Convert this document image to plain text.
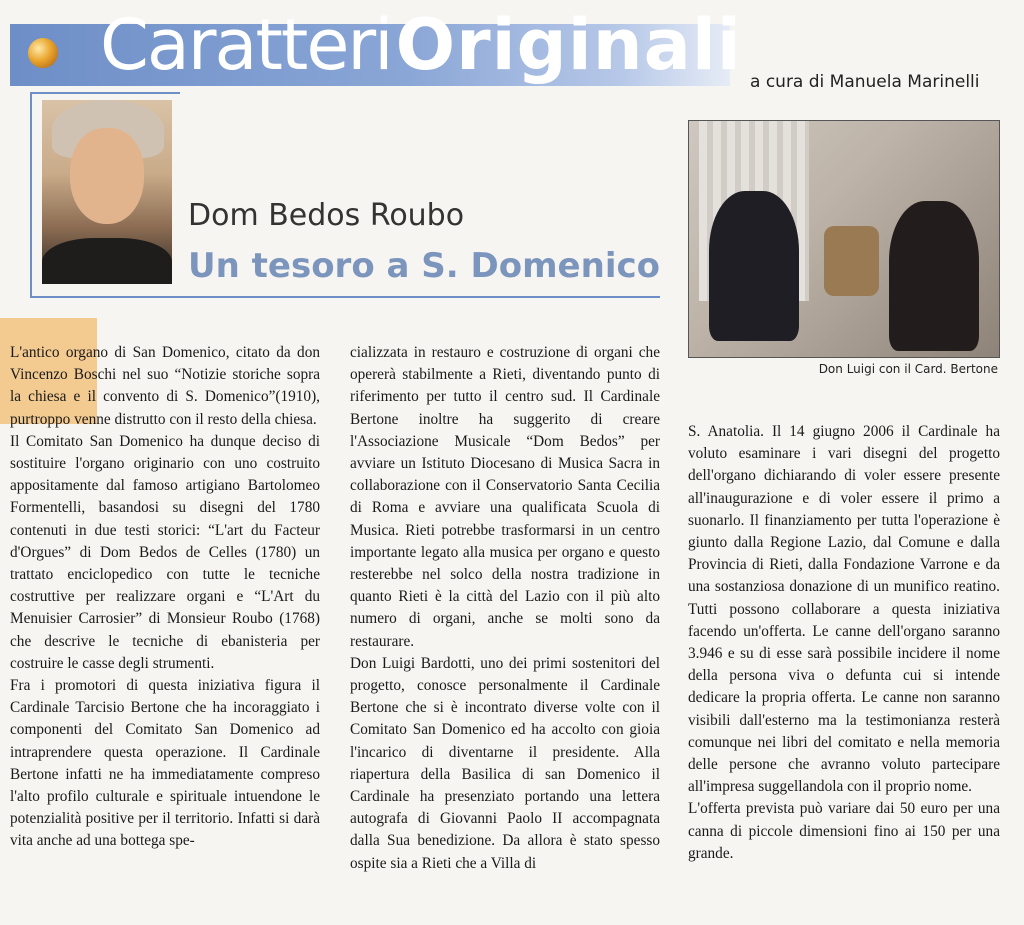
Caratteri Originali a cura di Manuela Marinelli
Dom Bedos Roubo
Un tesoro a S. Domenico
Don Luigi con il Card. Bertone

L'antico organo di San Domenico, citato da don Vincenzo Boschi nel suo “Notizie storiche sopra la chiesa e il convento di S. Domenico”(1910), purtroppo venne distrutto con il resto della chiesa.

Il Comitato San Domenico ha dunque deciso di sostituire l'organo originario con uno costruito appositamente dal famoso artigiano Bartolomeo Formentelli, basandosi su disegni del 1780 contenuti in due testi storici: “L'art du Facteur d'Orgues” di Dom Bedos de Celles (1780) un trattato enciclopedico con tutte le tecniche costruttive per realizzare organi e “L'Art du Menuisier Carrosier” di Monsieur Roubo (1768) che descrive le tecniche di ebanisteria per costruire le casse degli strumenti.

Fra i promotori di questa iniziativa figura il Cardinale Tarcisio Bertone che ha incoraggiato i componenti del Comitato San Domenico ad intraprendere questa operazione. Il Cardinale Bertone infatti ne ha immediatamente compreso l'alto profilo culturale e spirituale intuendone le potenzialità positive per il territorio. Infatti si darà vita anche ad una bottega spe-

cializzata in restauro e costruzione di organi che opererà stabilmente a Rieti, diventando punto di riferimento per tutto il centro sud. Il Cardinale Bertone inoltre ha suggerito di creare l'Associazione Musicale “Dom Bedos” per avviare un Istituto Diocesano di Musica Sacra in collaborazione con il Conservatorio Santa Cecilia di Roma e avviare una qualificata Scuola di Musica. Rieti potrebbe trasformarsi in un centro importante legato alla musica per organo e questo resterebbe nel solco della nostra tradizione in quanto Rieti è la città del Lazio con il più alto numero di organi, anche se molti sono da restaurare.

Don Luigi Bardotti, uno dei primi sostenitori del progetto, conosce personalmente il Cardinale Bertone che si è incontrato diverse volte con il Comitato San Domenico ed ha accolto con gioia l'incarico di diventarne il presidente. Alla riapertura della Basilica di san Domenico il Cardinale ha presenziato portando una lettera autografa di Giovanni Paolo II accompagnata dalla Sua benedizione. Da allora è stato spesso ospite sia a Rieti che a Villa di

S. Anatolia. Il 14 giugno 2006 il Cardinale ha voluto esaminare i vari disegni del progetto dell'organo dichiarando di voler essere presente all'inaugurazione e di voler essere il primo a suonarlo. Il finanziamento per tutta l'operazione è giunto dalla Regione Lazio, dal Comune e dalla Provincia di Rieti, dalla Fondazione Varrone e da una sostanziosa donazione di un munifico reatino. Tutti possono collaborare a questa iniziativa facendo un'offerta. Le canne dell'organo saranno 3.946 e su di esse sarà possibile incidere il nome della persona viva o defunta cui si intende dedicare la propria offerta. Le canne non saranno visibili dall'esterno ma la testimonianza resterà comunque nei libri del comitato e nella memoria delle persone che avranno voluto partecipare all'impresa suggellandola con il proprio nome.

L'offerta prevista può variare dai 50 euro per una canna di piccole dimensioni fino ai 150 per una grande.
